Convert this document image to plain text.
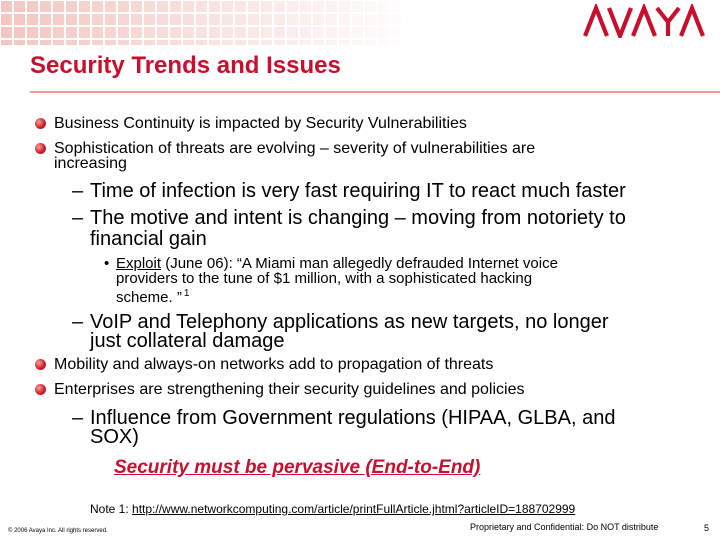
Security Trends and Issues
Business Continuity is impacted by Security Vulnerabilities
Sophistication of threats are evolving – severity of vulnerabilities are
increasing
– Time of infection is very fast requiring IT to react much faster
– The motive and intent is changing – moving from notoriety to
financial gain
• Exploit (June 06): “A Miami man allegedly defrauded Internet voice
providers to the tune of $1 million, with a sophisticated hacking
scheme. ” $^1$
– VoIP and Telephony applications as new targets, no longer
just collateral damage
Mobility and always-on networks add to propagation of threats
Enterprises are strengthening their security guidelines and policies
– Influence from Government regulations (HIPAA, GLBA, and
SOX)
Security must be pervasive (End-to-End)
Note 1: http://www.networkcomputing.com/article/printFullArticle.jhtml?articleID=188702999
© 2006 Avaya Inc. All rights reserved.	Proprietary and Confidential: Do NOT distribute	5
